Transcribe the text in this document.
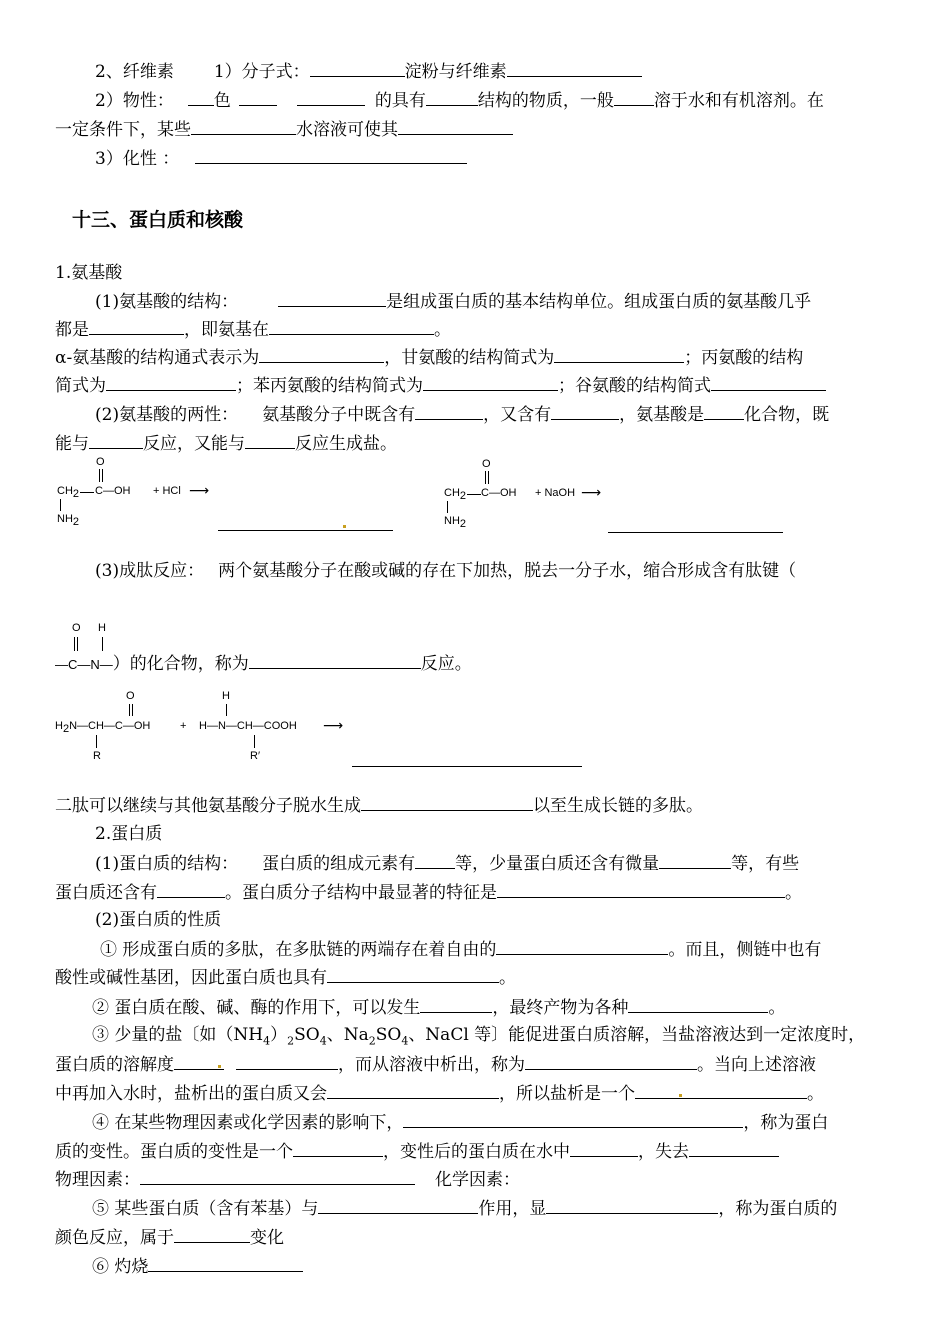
2、纤维素 1）分子式：	淀粉与纤维素
2）物性： 色	的具有	结构的物质，一般 溶于水和有机溶剂。在
一定条件下，某些	水溶液可使其
3）化性 ：
十三、蛋白质和核酸
1.氨基酸
(1)氨基酸的结构：	是组成蛋白质的基本结构单位。组成蛋白质的氨基酸几乎
都是	，即氨基在	。
α-氨基酸的结构通式表示为	，甘氨酸的结构简式为	；丙氨酸的结构
简式为	；苯丙氨酸的结构简式为	；谷氨酸的结构简式
(2)氨基酸的两性： 氨基酸分子中既含有	，又含有	，氨基酸是 化合物，既
能与	反应，又能与	反应生成盐。
O
$CH_2$ C—OH + HCl ⟶
$NH_2$
O
$CH_2$ C—OH + NaOH ⟶
$NH_2$
(3)成肽反应： 两个氨基酸分子在酸或碱的存在下加热，脱去一分子水，缩合形成含有肽键（
O H
—C—N—）的化合物，称为	反应。
O	H
$H_2N—CH—C—OH$	+ H—N—CH—COOH ⟶
R	R′
二肽可以继续与其他氨基酸分子脱水生成	以至生成长链的多肽。
2.蛋白质
(1)蛋白质的结构： 蛋白质的组成元素有 等，少量蛋白质还含有微量	等，有些
蛋白质还含有	。蛋白质分子结构中最显著的特征是	。
(2)蛋白质的性质
① 形成蛋白质的多肽，在多肽链的两端存在着自由的	。而且，侧链中也有
酸性或碱性基团，因此蛋白质也具有	。
② 蛋白质在酸、碱、酶的作用下，可以发生	，最终产物为各种	。
③ 少量的盐〔如$(NH_4)_2SO_4$、$Na_2SO_4$、NaCl 等〕能促进蛋白质溶解，当盐溶液达到一定浓度时，
蛋白质的溶解度	，而从溶液中析出，称为	。当向上述溶液
中再加入水时，盐析出的蛋白质又会	，所以盐析是一个	。
④ 在某些物理因素或化学因素的影响下，	，称为蛋白
质的变性。蛋白质的变性是一个	，变性后的蛋白质在水中	，失去
物理因素：	化学因素：
⑤ 某些蛋白质（含有苯基）与	作用，显	，称为蛋白质的
颜色反应，属于	变化
⑥ 灼烧
